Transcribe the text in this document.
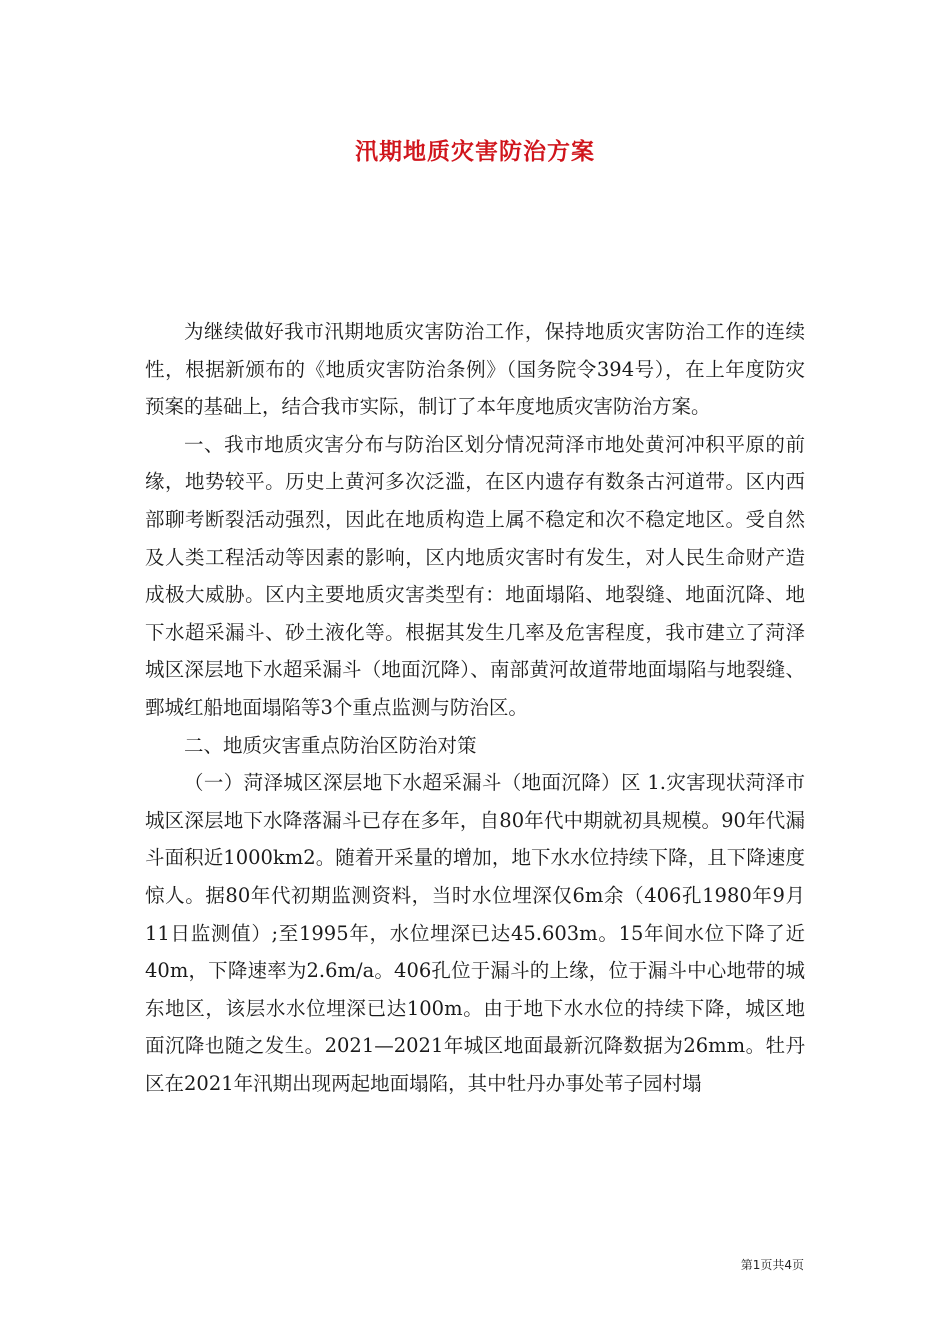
汛期地质灾害防治方案

为继续做好我市汛期地质灾害防治工作，保持地质灾害防治工作的连续性，根据新颁布的《地质灾害防治条例》（国务院令394号），在上年度防灾预案的基础上，结合我市实际，制订了本年度地质灾害防治方案。

一、我市地质灾害分布与防治区划分情况菏泽市地处黄河冲积平原的前缘，地势较平。历史上黄河多次泛滥，在区内遗存有数条古河道带。区内西部聊考断裂活动强烈，因此在地质构造上属不稳定和次不稳定地区。受自然及人类工程活动等因素的影响，区内地质灾害时有发生，对人民生命财产造成极大威胁。区内主要地质灾害类型有：地面塌陷、地裂缝、地面沉降、地下水超采漏斗、砂土液化等。根据其发生几率及危害程度，我市建立了菏泽城区深层地下水超采漏斗（地面沉降）、南部黄河故道带地面塌陷与地裂缝、鄄城红船地面塌陷等3个重点监测与防治区。

二、地质灾害重点防治区防治对策

（一）菏泽城区深层地下水超采漏斗（地面沉降）区 1.灾害现状菏泽市城区深层地下水降落漏斗已存在多年，自80年代中期就初具规模。90年代漏斗面积近1000km2。随着开采量的增加，地下水水位持续下降，且下降速度惊人。据80年代初期监测资料，当时水位埋深仅6m余（406孔1980年9月11日监测值）;至1995年，水位埋深已达45.603m。15年间水位下降了近40m，下降速率为2.6m/a。406孔位于漏斗的上缘，位于漏斗中心地带的城东地区，该层水水位埋深已达100m。由于地下水水位的持续下降，城区地面沉降也随之发生。2021—2021年城区地面最新沉降数据为26mm。牡丹区在2021年汛期出现两起地面塌陷，其中牡丹办事处苇子园村塌

第1页共4页
